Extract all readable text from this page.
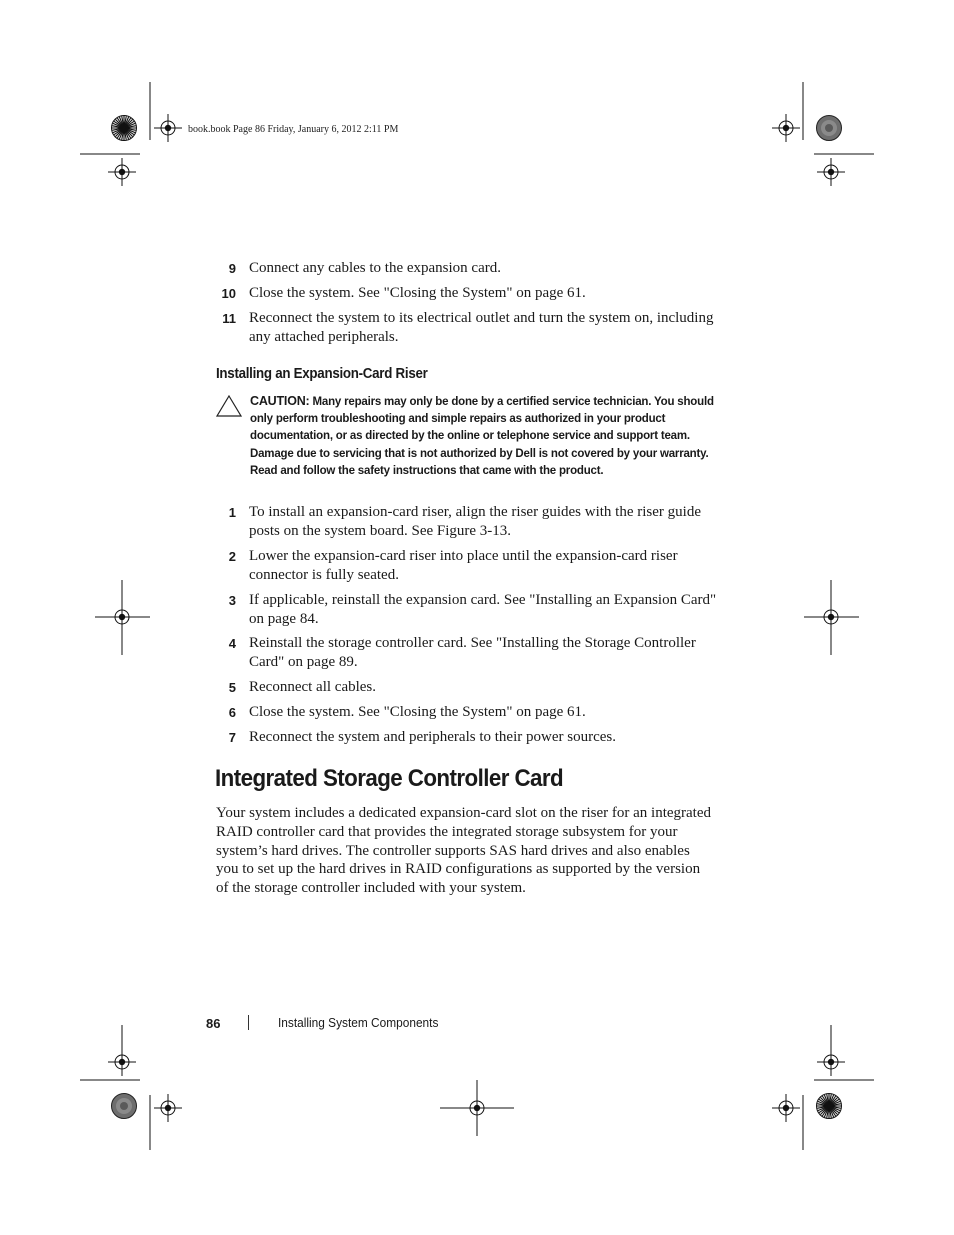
book.book Page 86 Friday, January 6, 2012 2:11 PM
9 Connect any cables to the expansion card.
10 Close the system. See "Closing the System" on page 61.
11 Reconnect the system to its electrical outlet and turn the system on, including any attached peripherals.
Installing an Expansion-Card Riser
CAUTION: Many repairs may only be done by a certified service technician. You should only perform troubleshooting and simple repairs as authorized in your product documentation, or as directed by the online or telephone service and support team. Damage due to servicing that is not authorized by Dell is not covered by your warranty. Read and follow the safety instructions that came with the product.
1 To install an expansion-card riser, align the riser guides with the riser guide posts on the system board. See Figure 3-13.
2 Lower the expansion-card riser into place until the expansion-card riser connector is fully seated.
3 If applicable, reinstall the expansion card. See "Installing an Expansion Card" on page 84.
4 Reinstall the storage controller card. See "Installing the Storage Controller Card" on page 89.
5 Reconnect all cables.
6 Close the system. See "Closing the System" on page 61.
7 Reconnect the system and peripherals to their power sources.
Integrated Storage Controller Card
Your system includes a dedicated expansion-card slot on the riser for an integrated RAID controller card that provides the integrated storage subsystem for your system’s hard drives. The controller supports SAS hard drives and also enables you to set up the hard drives in RAID configurations as supported by the version of the storage controller included with your system.
86	Installing System Components
